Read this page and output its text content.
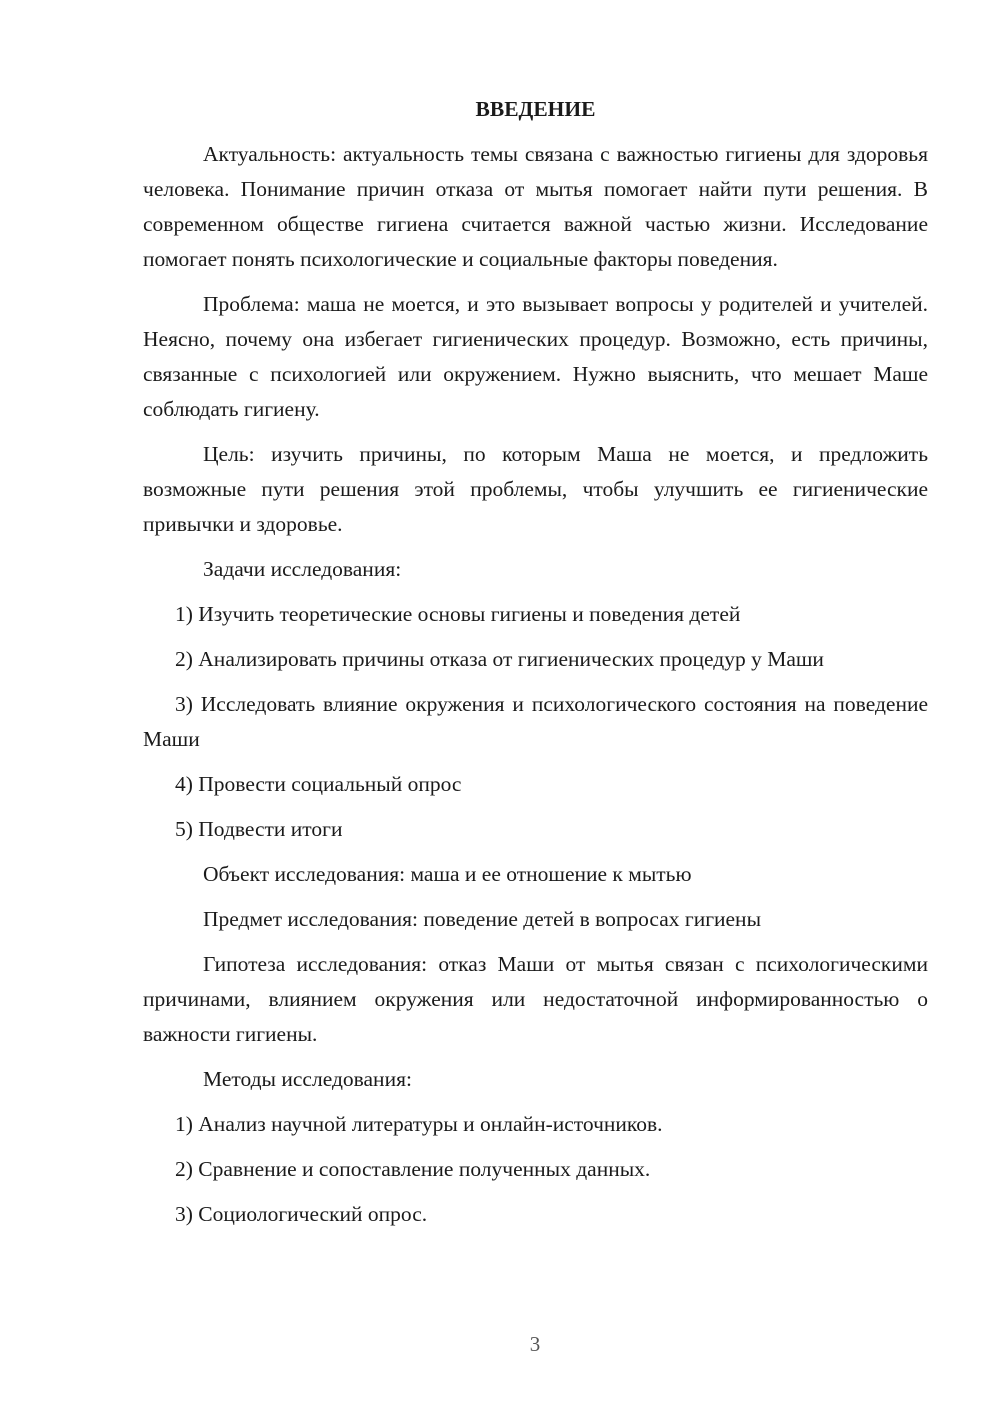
ВВЕДЕНИЕ

Актуальность: актуальность темы связана с важностью гигиены для здоровья человека. Понимание причин отказа от мытья помогает найти пути решения. В современном обществе гигиена считается важной частью жизни. Исследование помогает понять психологические и социальные факторы поведения.

Проблема: маша не моется, и это вызывает вопросы у родителей и учителей. Неясно, почему она избегает гигиенических процедур. Возможно, есть причины, связанные с психологией или окружением. Нужно выяснить, что мешает Маше соблюдать гигиену.

Цель: изучить причины, по которым Маша не моется, и предложить возможные пути решения этой проблемы, чтобы улучшить ее гигиенические привычки и здоровье.

Задачи исследования:

1) Изучить теоретические основы гигиены и поведения детей

2) Анализировать причины отказа от гигиенических процедур у Маши

3) Исследовать влияние окружения и психологического состояния на поведение Маши

4) Провести социальный опрос

5) Подвести итоги

Объект исследования: маша и ее отношение к мытью

Предмет исследования: поведение детей в вопросах гигиены

Гипотеза исследования: отказ Маши от мытья связан с психологическими причинами, влиянием окружения или недостаточной информированностью о важности гигиены.

Методы исследования:

1) Анализ научной литературы и онлайн-источников.

2) Сравнение и сопоставление полученных данных.

3) Социологический опрос.

3
